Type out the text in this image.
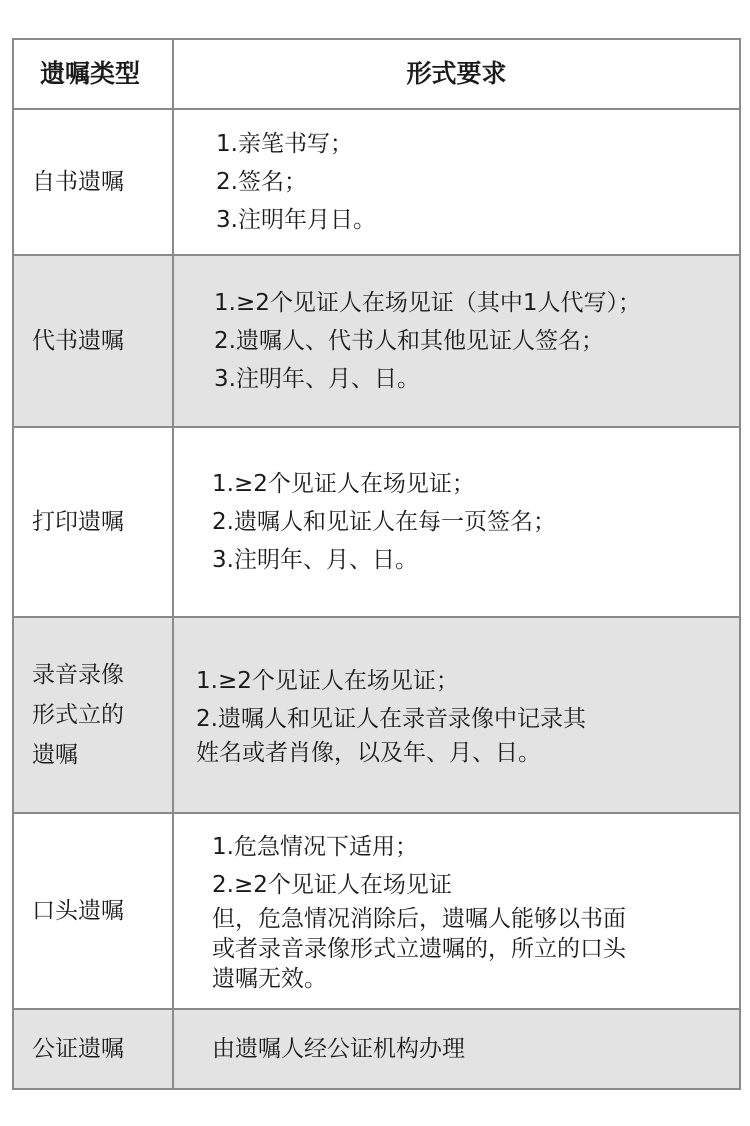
遗嘱类型	形式要求
自书遗嘱
1.亲笔书写；
2.签名；
3.注明年月日。
代书遗嘱
1.≥2个见证人在场见证（其中1人代写）；
2.遗嘱人、代书人和其他见证人签名；
3.注明年、月、日。
打印遗嘱
1.≥2个见证人在场见证；
2.遗嘱人和见证人在每一页签名；
3.注明年、月、日。
录音录像
形式立的
遗嘱
1.≥2个见证人在场见证；
2.遗嘱人和见证人在录音录像中记录其
姓名或者肖像，以及年、月、日。
口头遗嘱
1.危急情况下适用；
2.≥2个见证人在场见证
但，危急情况消除后，遗嘱人能够以书面
或者录音录像形式立遗嘱的，所立的口头
遗嘱无效。
公证遗嘱	由遗嘱人经公证机构办理
